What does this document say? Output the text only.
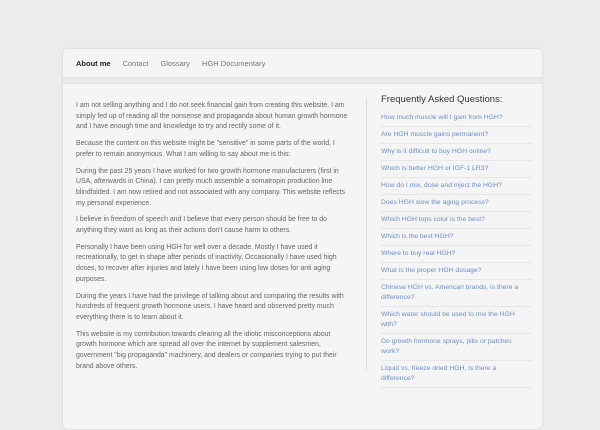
About me Contact Glossary HGH Documentary

I am not selling anything and I do not seek financial gain from creating this website. I am simply fed up of reading all the nonsense and propaganda about human growth hormone and I have enough time and knowledge to try and rectify some of it.

Because the content on this website might be "sensitive" in some parts of the world, I prefer to remain anonymous. What I am willing to say about me is this:

During the past 25 years I have worked for two growth hormone manufacturers (first in USA, afterwards in China). I can pretty much assemble a somatropin production line blindfolded. I am now retired and not associated with any company. This website reflects my personal experience.

I believe in freedom of speech and I believe that every person should be free to do anything they want as long as their actions don't cause harm to others.

Personally I have been using HGH for well over a decade. Mostly I have used it recreationally, to get in shape after periods of inactivity. Occasionally I have used high doses, to recover after injuries and lately I have been using low doses for anti aging purposes.

During the years I have had the privilege of talking about and comparing the results with hundreds of frequent growth hormone users. I have heard and observed pretty much everything there is to learn about it.

This website is my contribution towards clearing all the idiotic misconceptions about growth hormone which are spread all over the internet by supplement salesmen, government "big propaganda" machinery, and dealers or companies trying to put their brand above others.

Frequently Asked Questions:
How much muscle will I gain from HGH?
Are HGH muscle gains permanent?
Why is it difficult to buy HGH online?
Which is better HGH or IGF-1 LR3?
How do I mix, dose and inject the HGH?
Does HGH slow the aging process?
Which HGH tops color is the best?
Which is the best HGH?
Where to buy real HGH?
What is the proper HGH dosage?
Chinese HGH vs. American brands, is there a difference?
Which water should be used to mix the HGH with?
Do growth hormone sprays, pills or patches work?
Liquid vs. freeze dried HGH, is there a difference?
